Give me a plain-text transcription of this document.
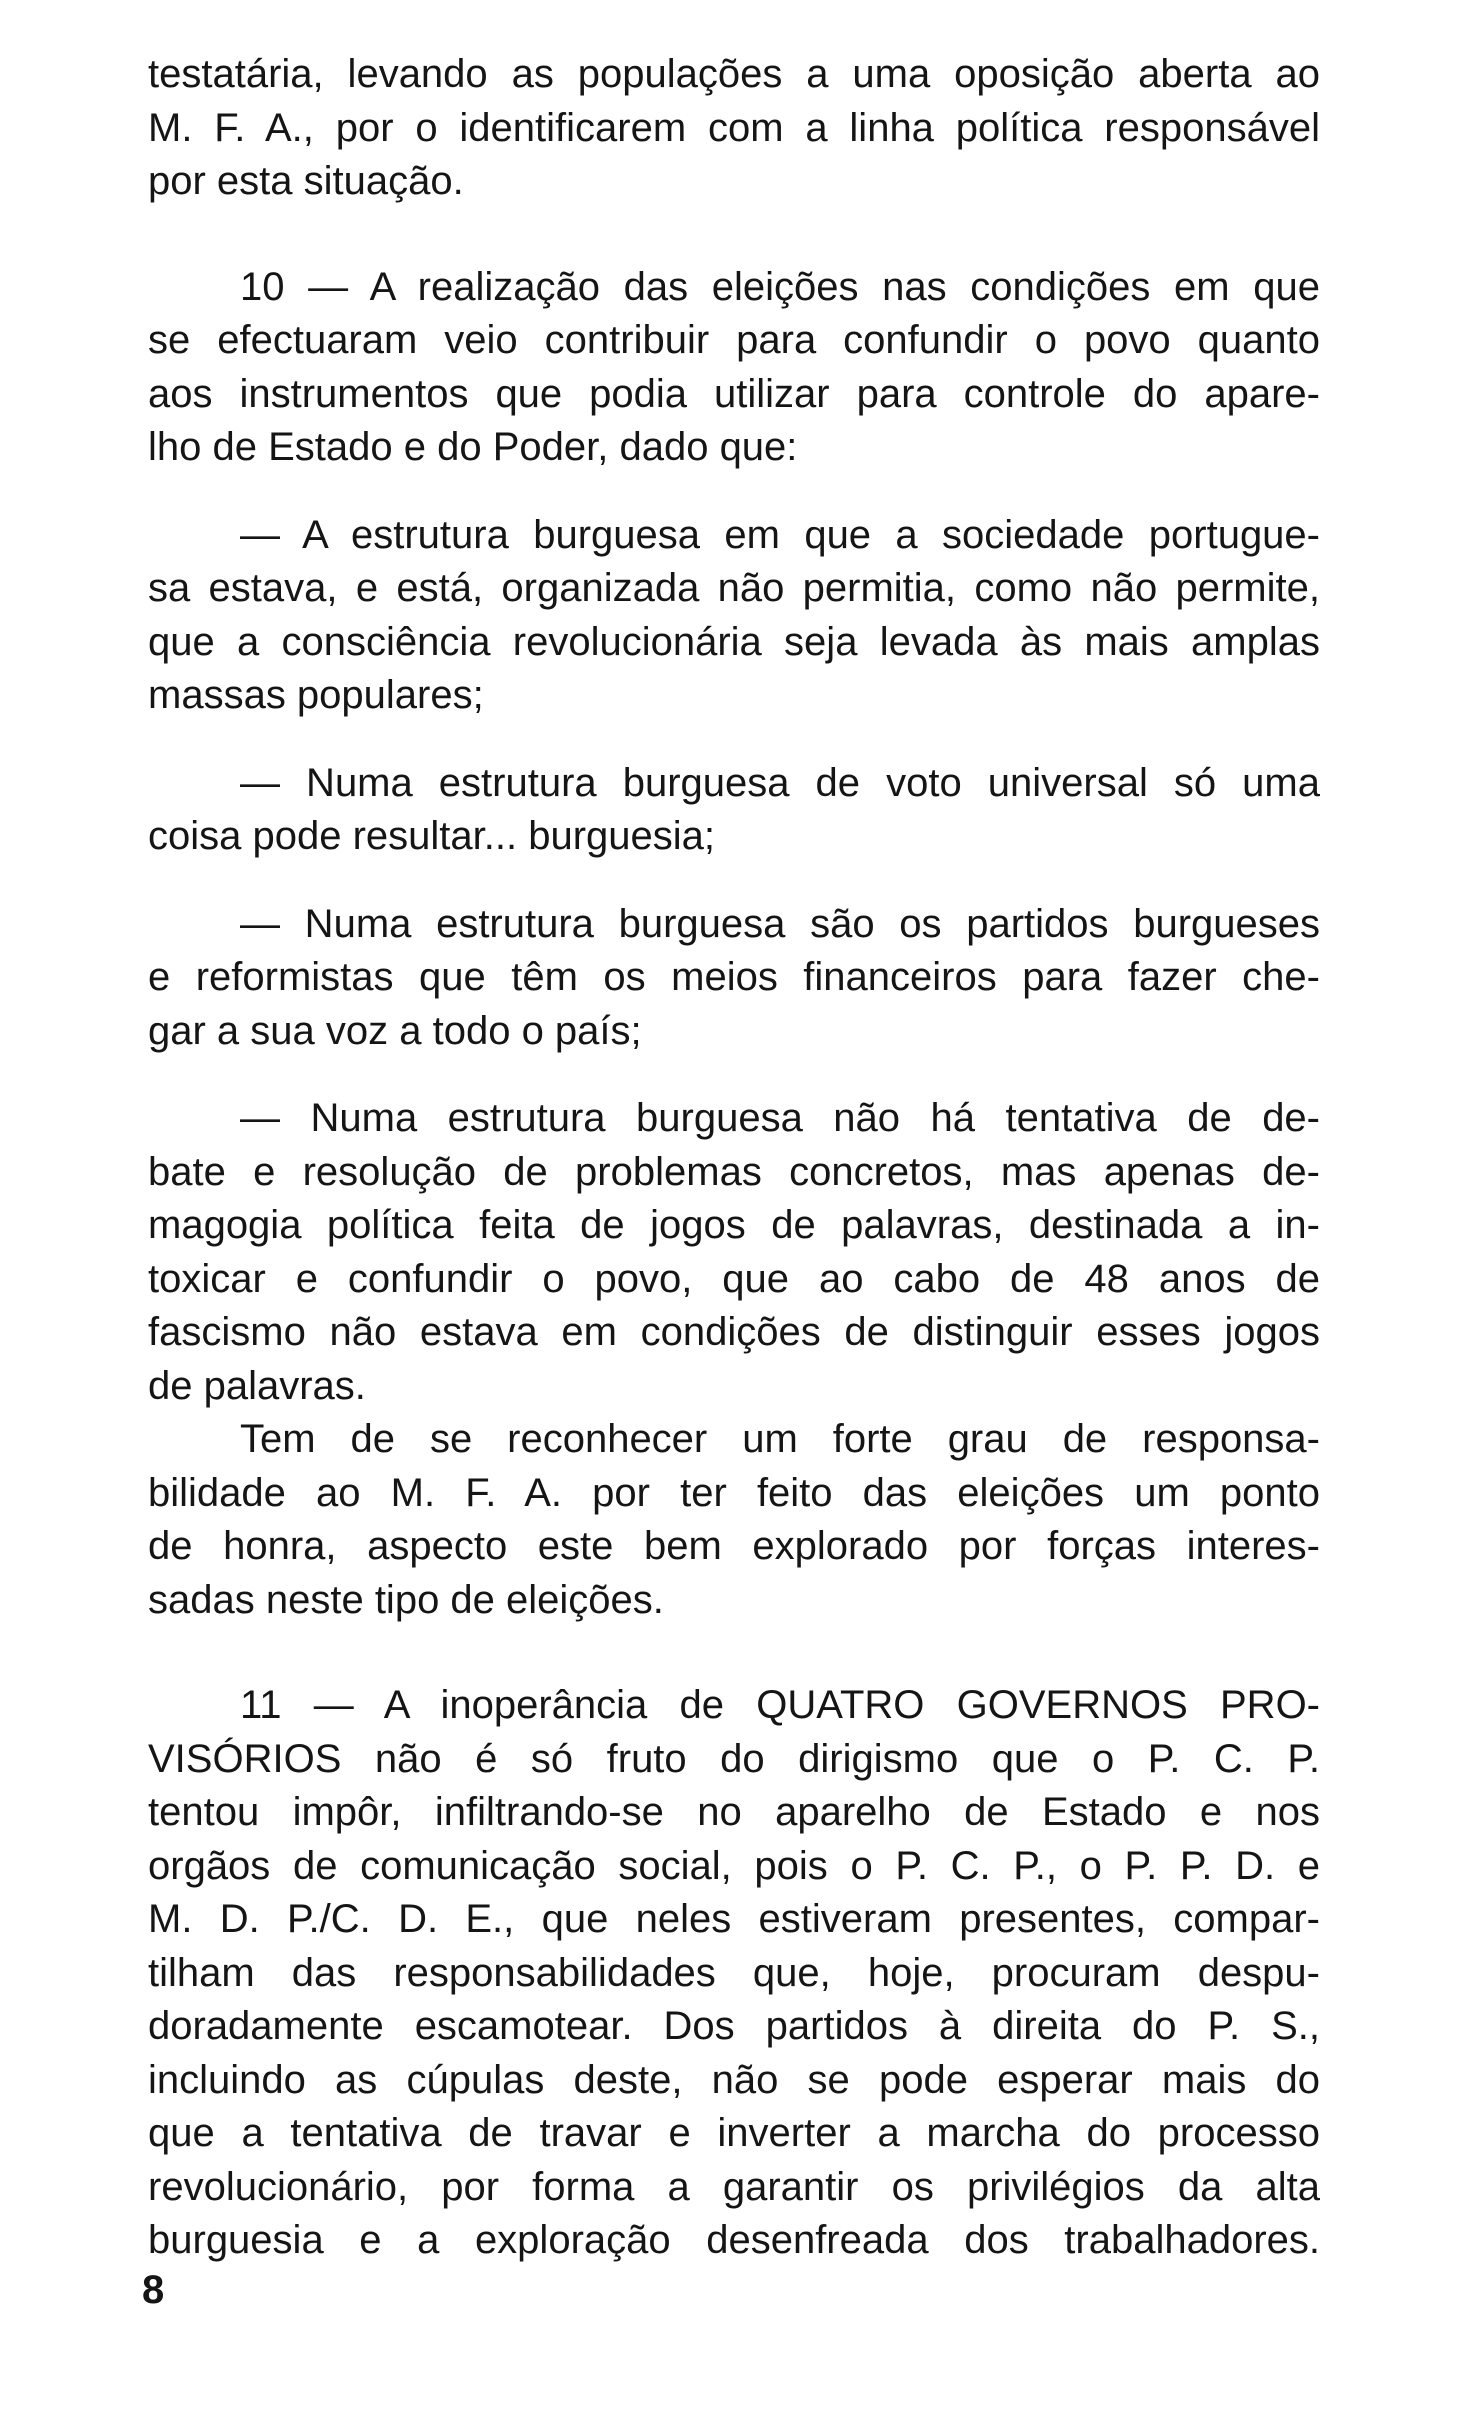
testatária, levando as populações a uma oposição aberta ao
M. F. A., por o identificarem com a linha política responsável
por esta situação.
10 — A realização das eleições nas condições em que
se efectuaram veio contribuir para confundir o povo quanto
aos instrumentos que podia utilizar para controle do apare-
lho de Estado e do Poder, dado que:
— A estrutura burguesa em que a sociedade portugue-
sa estava, e está, organizada não permitia, como não permite,
que a consciência revolucionária seja levada às mais amplas
massas populares;
— Numa estrutura burguesa de voto universal só uma
coisa pode resultar... burguesia;
— Numa estrutura burguesa são os partidos burgueses
e reformistas que têm os meios financeiros para fazer che-
gar a sua voz a todo o país;
— Numa estrutura burguesa não há tentativa de de-
bate e resolução de problemas concretos, mas apenas de-
magogia política feita de jogos de palavras, destinada a in-
toxicar e confundir o povo, que ao cabo de 48 anos de
fascismo não estava em condições de distinguir esses jogos
de palavras.
Tem de se reconhecer um forte grau de responsa-
bilidade ao M. F. A. por ter feito das eleições um ponto
de honra, aspecto este bem explorado por forças interes-
sadas neste tipo de eleições.
11 — A inoperância de QUATRO GOVERNOS PRO-
VISÓRIOS não é só fruto do dirigismo que o P. C. P.
tentou impôr, infiltrando-se no aparelho de Estado e nos
orgãos de comunicação social, pois o P. C. P., o P. P. D. e
M. D. P./C. D. E., que neles estiveram presentes, compar-
tilham das responsabilidades que, hoje, procuram despu-
doradamente escamotear. Dos partidos à direita do P. S.,
incluindo as cúpulas deste, não se pode esperar mais do
que a tentativa de travar e inverter a marcha do processo
revolucionário, por forma a garantir os privilégios da alta
burguesia e a exploração desenfreada dos trabalhadores.
8
